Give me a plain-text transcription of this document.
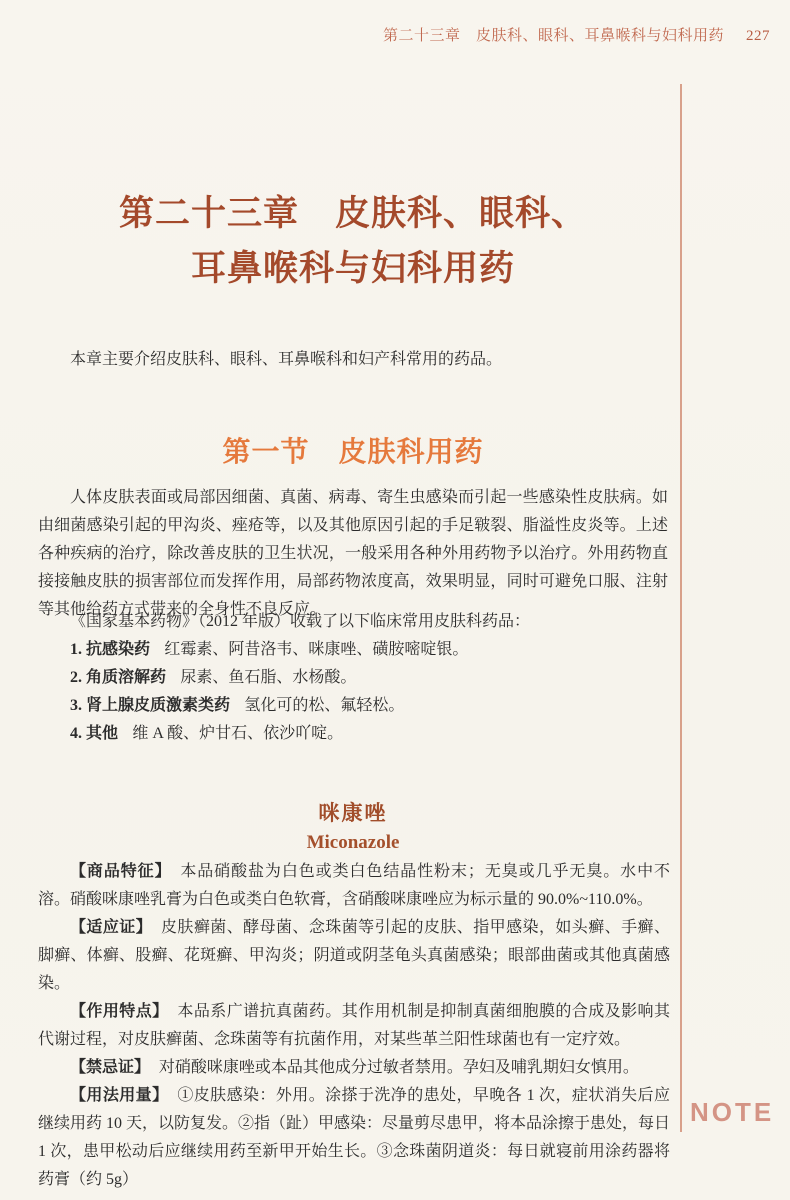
第二十三章　皮肤科、眼科、耳鼻喉科与妇科用药 227
第二十三章　皮肤科、眼科、
耳鼻喉科与妇科用药

本章主要介绍皮肤科、眼科、耳鼻喉科和妇产科常用的药品。

第一节　皮肤科用药

人体皮肤表面或局部因细菌、真菌、病毒、寄生虫感染而引起一些感染性皮肤病。如由细菌感染引起的甲沟炎、痤疮等，以及其他原因引起的手足皲裂、脂溢性皮炎等。上述各种疾病的治疗，除改善皮肤的卫生状况，一般采用各种外用药物予以治疗。外用药物直接接触皮肤的损害部位而发挥作用，局部药物浓度高，效果明显，同时可避免口服、注射等其他给药方式带来的全身性不良反应。

《国家基本药物》（2012 年版）收载了以下临床常用皮肤科药品：
1. 抗感染药 红霉素、阿昔洛韦、咪康唑、磺胺嘧啶银。
2. 角质溶解药 尿素、鱼石脂、水杨酸。
3. 肾上腺皮质激素类药 氢化可的松、氟轻松。
4. 其他 维 A 酸、炉甘石、依沙吖啶。
咪康唑
Miconazole

【商品特征】 本品硝酸盐为白色或类白色结晶性粉末；无臭或几乎无臭。水中不溶。硝酸咪康唑乳膏为白色或类白色软膏，含硝酸咪康唑应为标示量的 90.0%~110.0%。

【适应证】 皮肤癣菌、酵母菌、念珠菌等引起的皮肤、指甲感染，如头癣、手癣、脚癣、体癣、股癣、花斑癣、甲沟炎；阴道或阴茎龟头真菌感染；眼部曲菌或其他真菌感染。

【作用特点】 本品系广谱抗真菌药。其作用机制是抑制真菌细胞膜的合成及影响其代谢过程，对皮肤癣菌、念珠菌等有抗菌作用，对某些革兰阳性球菌也有一定疗效。

【禁忌证】 对硝酸咪康唑或本品其他成分过敏者禁用。孕妇及哺乳期妇女慎用。

【用法用量】 ①皮肤感染：外用。涂搽于洗净的患处，早晚各 1 次，症状消失后应继续用药 10 天，以防复发。②指（趾）甲感染：尽量剪尽患甲，将本品涂擦于患处，每日 1 次，患甲松动后应继续用药至新甲开始生长。③念珠菌阴道炎：每日就寝前用涂药器将药膏（约 5g）

NOTE
